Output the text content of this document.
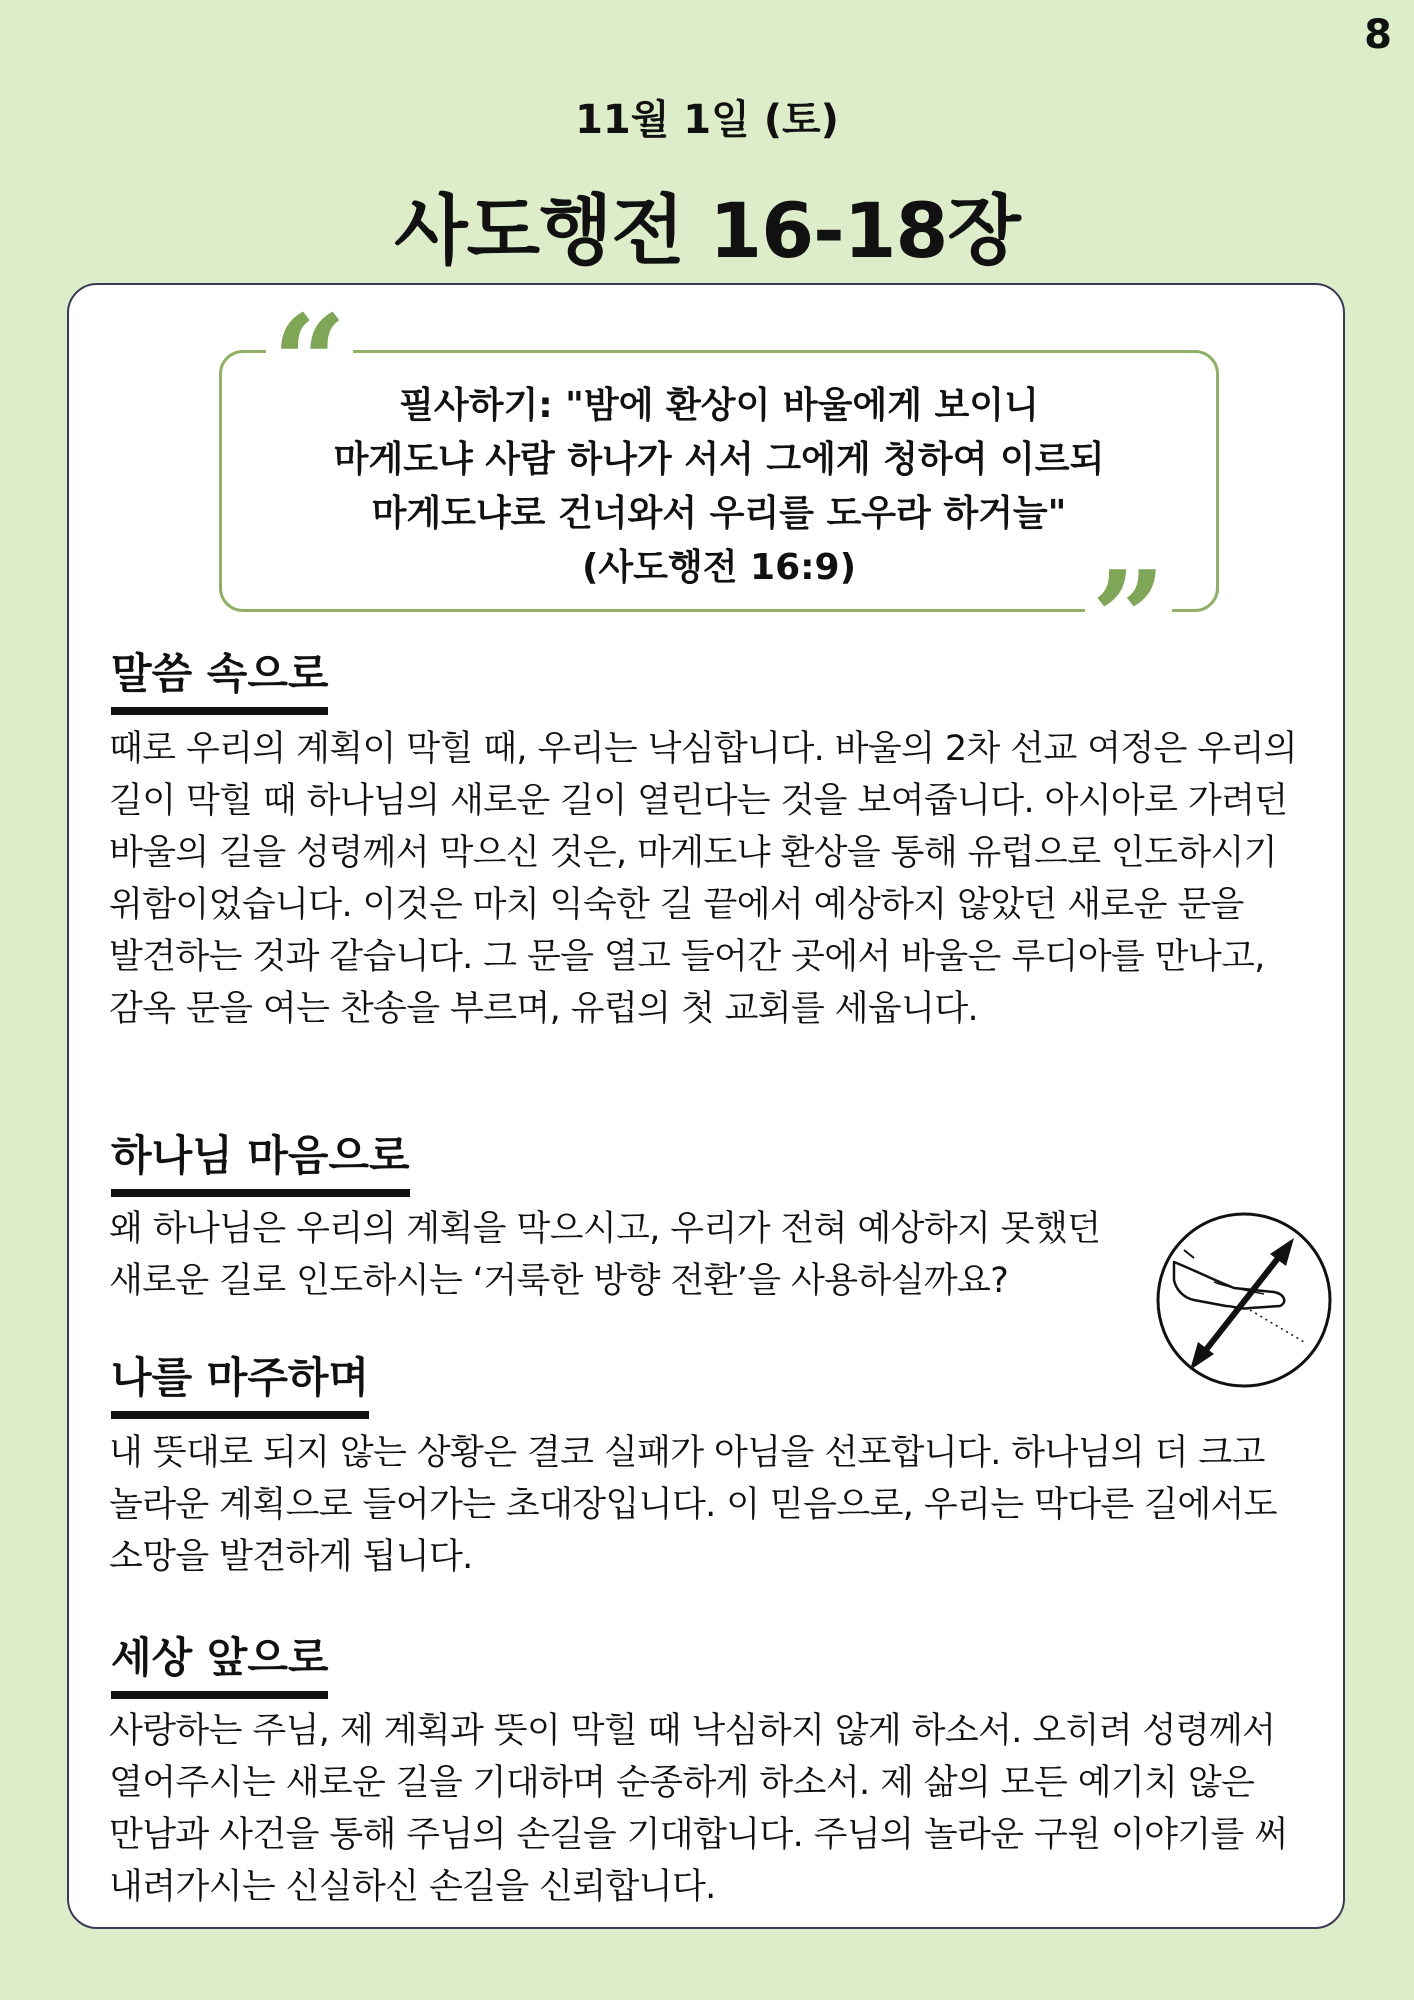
8
11월 1일 (토)
사도행전 16-18장
“
”
필사하기: "밤에 환상이 바울에게 보이니
마게도냐 사람 하나가 서서 그에게 청하여 이르되
마게도냐로 건너와서 우리를 도우라 하거늘"
(사도행전 16:9)
말씀 속으로
때로 우리의 계획이 막힐 때, 우리는 낙심합니다. 바울의 2차 선교 여정은 우리의 길이 막힐 때 하나님의 새로운 길이 열린다는 것을 보여줍니다. 아시아로 가려던 바울의 길을 성령께서 막으신 것은, 마게도냐 환상을 통해 유럽으로 인도하시기 위함이었습니다. 이것은 마치 익숙한 길 끝에서 예상하지 않았던 새로운 문을 발견하는 것과 같습니다. 그 문을 열고 들어간 곳에서 바울은 루디아를 만나고, 감옥 문을 여는 찬송을 부르며, 유럽의 첫 교회를 세웁니다.
하나님 마음으로
왜 하나님은 우리의 계획을 막으시고, 우리가 전혀 예상하지 못했던 새로운 길로 인도하시는 ‘거룩한 방향 전환’을 사용하실까요?
나를 마주하며
내 뜻대로 되지 않는 상황은 결코 실패가 아님을 선포합니다. 하나님의 더 크고 놀라운 계획으로 들어가는 초대장입니다. 이 믿음으로, 우리는 막다른 길에서도 소망을 발견하게 됩니다.
세상 앞으로
사랑하는 주님, 제 계획과 뜻이 막힐 때 낙심하지 않게 하소서. 오히려 성령께서 열어주시는 새로운 길을 기대하며 순종하게 하소서. 제 삶의 모든 예기치 않은 만남과 사건을 통해 주님의 손길을 기대합니다. 주님의 놀라운 구원 이야기를 써 내려가시는 신실하신 손길을 신뢰합니다.
